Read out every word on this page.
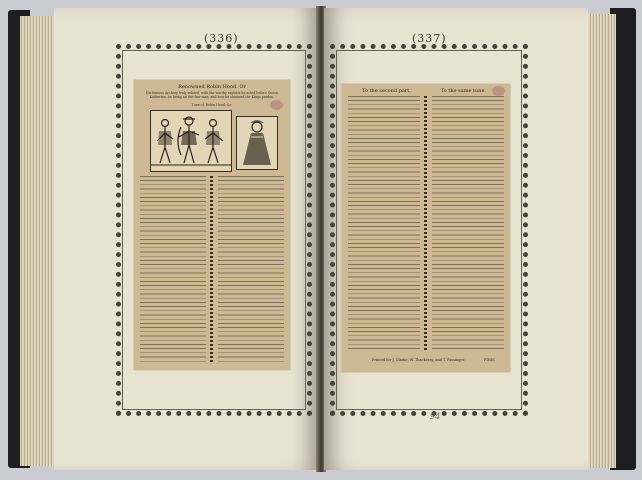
(336)
Renowned Robin Hood. Or
His famous Archery truly related, with the worthy exploits he acted before Queen Katherine, he being an Out-law man; and how he obtained the Kings pardon.
Tune of, Robin Hood, &c.
(337)
To the second part,	To the same tune.
Printed for J. Clarke, W. Thackeray, and T. Passinger.	FINIS.
94
